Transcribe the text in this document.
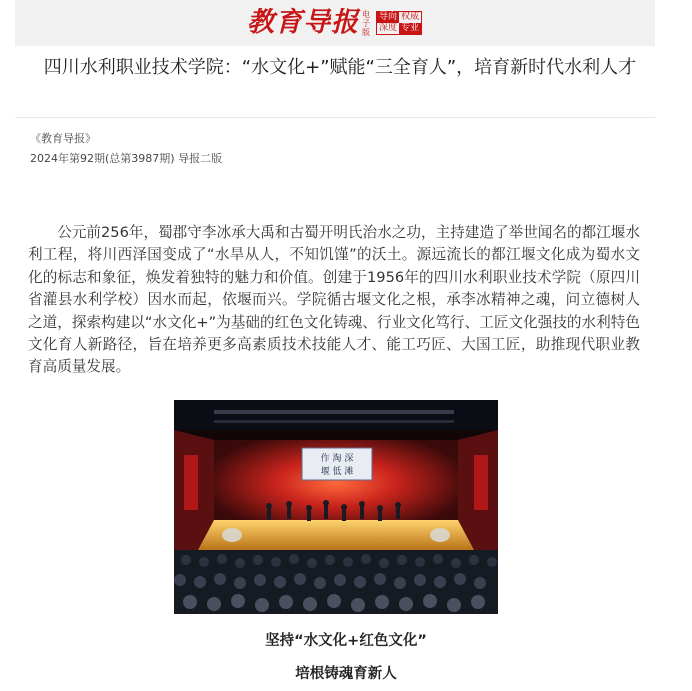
教育导报 电子版
导向 权威
深度 专业
四川水利职业技术学院：“水文化+”赋能“三全育人”，培育新时代水利人才
《教育导报》
2024年第92期(总第3987期) 导报二版

公元前256年，蜀郡守李冰承大禹和古蜀开明氏治水之功，主持建造了举世闻名的都江堰水利工程，将川西泽国变成了“水旱从人，不知饥馑”的沃土。源远流长的都江堰文化成为蜀水文化的标志和象征，焕发着独特的魅力和价值。创建于1956年的四川水利职业技术学院（原四川省灌县水利学校）因水而起，依堰而兴。学院循古堰文化之根，承李冰精神之魂，问立德树人之道，探索构建以“水文化+”为基础的红色文化铸魂、行业文化笃行、工匠文化强技的水利特色文化育人新路径，旨在培养更多高素质技术技能人才、能工巧匠、大国工匠，助推现代职业教育高质量发展。

作 淘 深
堰 低 滩
坚持“水文化+红色文化”
培根铸魂育新人
